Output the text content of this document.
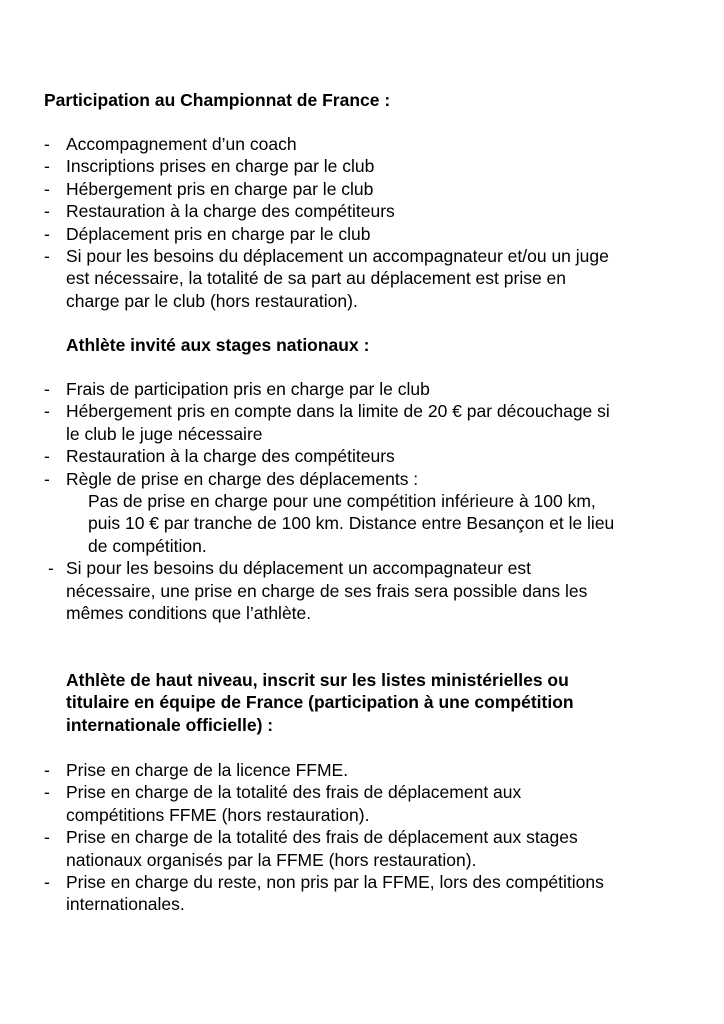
Participation au Championnat de France :
- Accompagnement d’un coach
- Inscriptions prises en charge par le club
- Hébergement pris en charge par le club
- Restauration à la charge des compétiteurs
- Déplacement pris en charge par le club
- Si pour les besoins du déplacement un accompagnateur et/ou un juge
est nécessaire, la totalité de sa part au déplacement est prise en
charge par le club (hors restauration).
Athlète invité aux stages nationaux :
- Frais de participation pris en charge par le club
- Hébergement pris en compte dans la limite de 20 € par découchage si
le club le juge nécessaire
- Restauration à la charge des compétiteurs
- Règle de prise en charge des déplacements :
Pas de prise en charge pour une compétition inférieure à 100 km,
puis 10 € par tranche de 100 km. Distance entre Besançon et le lieu
de compétition.
- Si pour les besoins du déplacement un accompagnateur est
nécessaire, une prise en charge de ses frais sera possible dans les
mêmes conditions que l’athlète.
Athlète de haut niveau, inscrit sur les listes ministérielles ou
titulaire en équipe de France (participation à une compétition
internationale officielle) :
- Prise en charge de la licence FFME.
- Prise en charge de la totalité des frais de déplacement aux
compétitions FFME (hors restauration).
- Prise en charge de la totalité des frais de déplacement aux stages
nationaux organisés par la FFME (hors restauration).
- Prise en charge du reste, non pris par la FFME, lors des compétitions
internationales.
